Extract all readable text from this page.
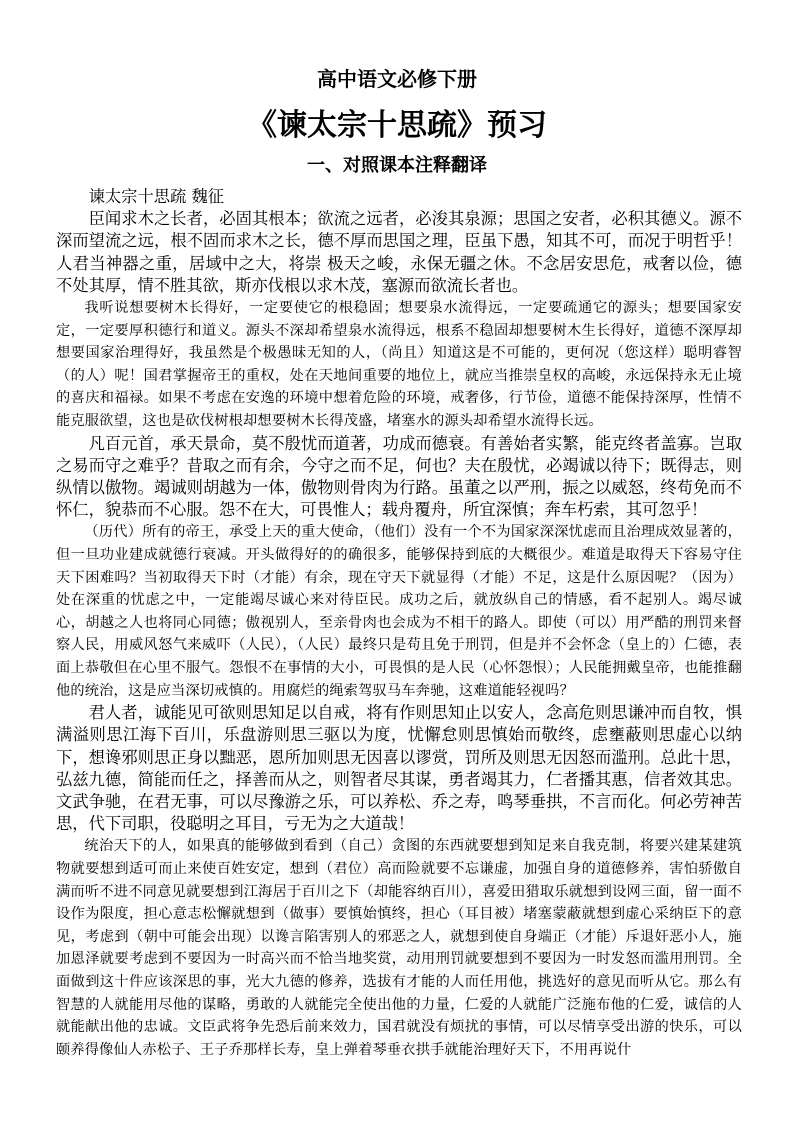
高中语文必修下册
《谏太宗十思疏》预习
一、对照课本注释翻译

谏太宗十思疏 魏征

臣闻求木之长者，必固其根本；欲流之远者，必浚其泉源；思国之安者，必积其德义。源不深而望流之远，根不固而求木之长，德不厚而思国之理，臣虽下愚，知其不可，而况于明哲乎！人君当神器之重，居域中之大，将崇 极天之峻，永保无疆之休。不念居安思危，戒奢以俭，德不处其厚，情不胜其欲，斯亦伐根以求木茂，塞源而欲流长者也。

我听说想要树木长得好，一定要使它的根稳固；想要泉水流得远，一定要疏通它的源头；想要国家安定，一定要厚积德行和道义。源头不深却希望泉水流得远，根系不稳固却想要树木生长得好，道德不深厚却想要国家治理得好，我虽然是个极愚昧无知的人，（尚且）知道这是不可能的，更何况（您这样）聪明睿智（的人）呢！国君掌握帝王的重权，处在天地间重要的地位上，就应当推崇皇权的高峻，永远保持永无止境的喜庆和福禄。如果不考虑在安逸的环境中想着危险的环境，戒奢侈，行节俭，道德不能保持深厚，性情不能克服欲望，这也是砍伐树根却想要树木长得茂盛，堵塞水的源头却希望水流得长远。

凡百元首，承天景命，莫不殷忧而道著，功成而德衰。有善始者实繁，能克终者盖寡。岂取之易而守之难乎？昔取之而有余，今守之而不足，何也？夫在殷忧，必竭诚以待下；既得志，则纵情以傲物。竭诚则胡越为一体，傲物则骨肉为行路。虽董之以严刑，振之以威怒，终苟免而不怀仁，貌恭而不心服。怨不在大，可畏惟人；载舟覆舟，所宜深慎；奔车朽索，其可忽乎！

（历代）所有的帝王，承受上天的重大使命，（他们）没有一个不为国家深深忧虑而且治理成效显著的，但一旦功业建成就德行衰减。开头做得好的的确很多，能够保持到底的大概很少。难道是取得天下容易守住天下困难吗？当初取得天下时（才能）有余，现在守天下就显得（才能）不足，这是什么原因呢？（因为）处在深重的忧虑之中，一定能竭尽诚心来对待臣民。成功之后，就放纵自己的情感，看不起别人。竭尽诚心，胡越之人也将同心同德；傲视别人，至亲骨肉也会成为不相干的路人。即使（可以）用严酷的刑罚来督察人民，用威风怒气来威吓（人民），（人民）最终只是苟且免于刑罚，但是并不会怀念（皇上的）仁德，表面上恭敬但在心里不服气。怨恨不在事情的大小，可畏惧的是人民（心怀怨恨）；人民能拥戴皇帝，也能推翻他的统治，这是应当深切戒慎的。用腐烂的绳索驾驭马车奔驰，这难道能轻视吗？

君人者，诚能见可欲则思知足以自戒，将有作则思知止以安人，念高危则思谦冲而自牧，惧满溢则思江海下百川，乐盘游则思三驱以为度，忧懈怠则思慎始而敬终，虑壅蔽则思虚心以纳下，想谗邪则思正身以黜恶，恩所加则思无因喜以谬赏，罚所及则思无因怒而滥刑。总此十思，弘兹九德，简能而任之，择善而从之，则智者尽其谋，勇者竭其力，仁者播其惠，信者效其忠。文武争驰，在君无事，可以尽豫游之乐，可以养松、乔之寿，鸣琴垂拱，不言而化。何必劳神苦思，代下司职，役聪明之耳目，亏无为之大道哉！

统治天下的人，如果真的能够做到看到（自己）贪图的东西就要想到知足来自我克制，将要兴建某建筑物就要想到适可而止来使百姓安定，想到（君位）高而险就要不忘谦虚，加强自身的道德修养，害怕骄傲自满而听不进不同意见就要想到江海居于百川之下（却能容纳百川），喜爱田猎取乐就想到设网三面，留一面不设作为限度，担心意志松懈就想到（做事）要慎始慎终，担心（耳目被）堵塞蒙蔽就想到虚心采纳臣下的意见，考虑到（朝中可能会出现）以谗言陷害别人的邪恶之人，就想到使自身端正（才能）斥退奸恶小人，施加恩泽就要考虑到不要因为一时高兴而不恰当地奖赏，动用刑罚就要想到不要因为一时发怒而滥用刑罚。全面做到这十件应该深思的事，光大九德的修养，选拔有才能的人而任用他，挑选好的意见而听从它。那么有智慧的人就能用尽他的谋略，勇敢的人就能完全使出他的力量，仁爱的人就能广泛施布他的仁爱，诚信的人就能献出他的忠诚。文臣武将争先恐后前来效力，国君就没有烦扰的事情，可以尽情享受出游的快乐，可以颐养得像仙人赤松子、王子乔那样长寿，皇上弹着琴垂衣拱手就能治理好天下，不用再说什
